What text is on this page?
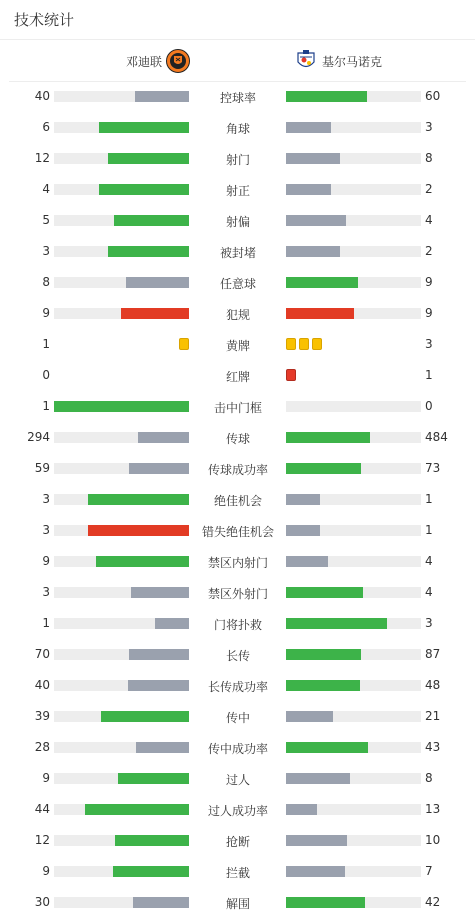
技术统计
邓迪联	基尔马诺克
40	控球率	60
6	角球	3
12	射门	8
4	射正	2
5	射偏	4
3	被封堵	2
8	任意球	9
9	犯规	9
1	黄牌	3
0	红牌	1
1	击中门框	0
294	传球	484
59	传球成功率	73
3	绝佳机会	1
3	错失绝佳机会	1
9	禁区内射门	4
3	禁区外射门	4
1	门将扑救	3
70	长传	87
40	长传成功率	48
39	传中	21
28	传中成功率	43
9	过人	8
44	过人成功率	13
12	抢断	10
9	拦截	7
30	解围	42
